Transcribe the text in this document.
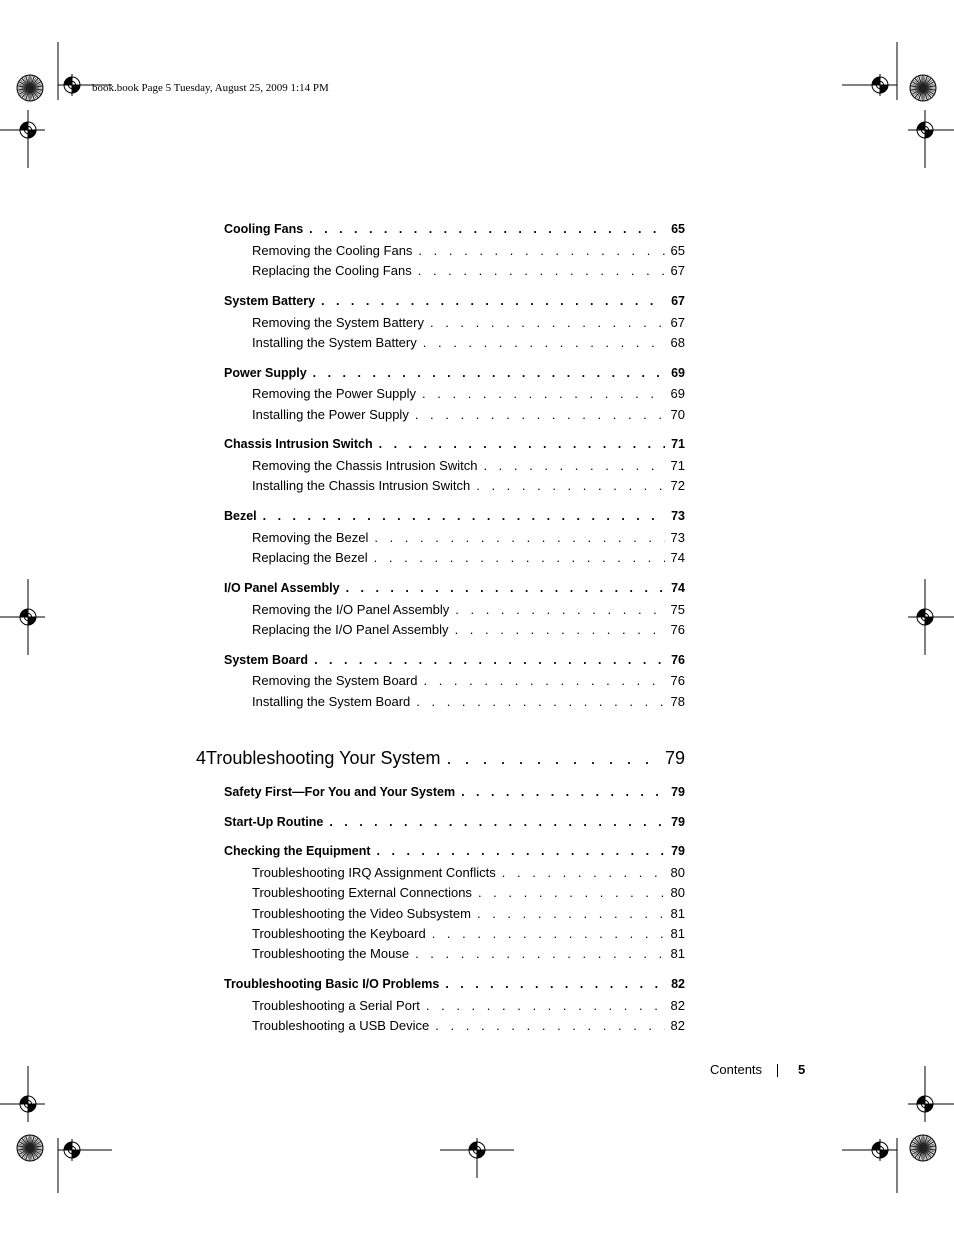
book.book Page 5 Tuesday, August 25, 2009 1:14 PM
Cooling Fans . . .	65
Removing the Cooling Fans . . .	65
Replacing the Cooling Fans . . .	67
System Battery . . .	67
Removing the System Battery . . .	67
Installing the System Battery . . .	68
Power Supply . . .	69
Removing the Power Supply . . .	69
Installing the Power Supply . . .	70
Chassis Intrusion Switch . . .	71
Removing the Chassis Intrusion Switch . . .	71
Installing the Chassis Intrusion Switch . . .	72
Bezel . . .	73
Removing the Bezel . . .	73
Replacing the Bezel . . .	74
I/O Panel Assembly . . .	74
Removing the I/O Panel Assembly . . .	75
Replacing the I/O Panel Assembly . . .	76
System Board . . .	76
Removing the System Board . . .	76
Installing the System Board . . .	78
4 Troubleshooting Your System . . .	79
Safety First—For You and Your System . . .	79
Start-Up Routine . . .	79
Checking the Equipment . . .	79
Troubleshooting IRQ Assignment Conflicts . . .	80
Troubleshooting External Connections . . .	80
Troubleshooting the Video Subsystem . . .	81
Troubleshooting the Keyboard . . .	81
Troubleshooting the Mouse . . .	81
Troubleshooting Basic I/O Problems . . .	82
Troubleshooting a Serial Port . . .	82
Troubleshooting a USB Device . . .	82
Contents	5
